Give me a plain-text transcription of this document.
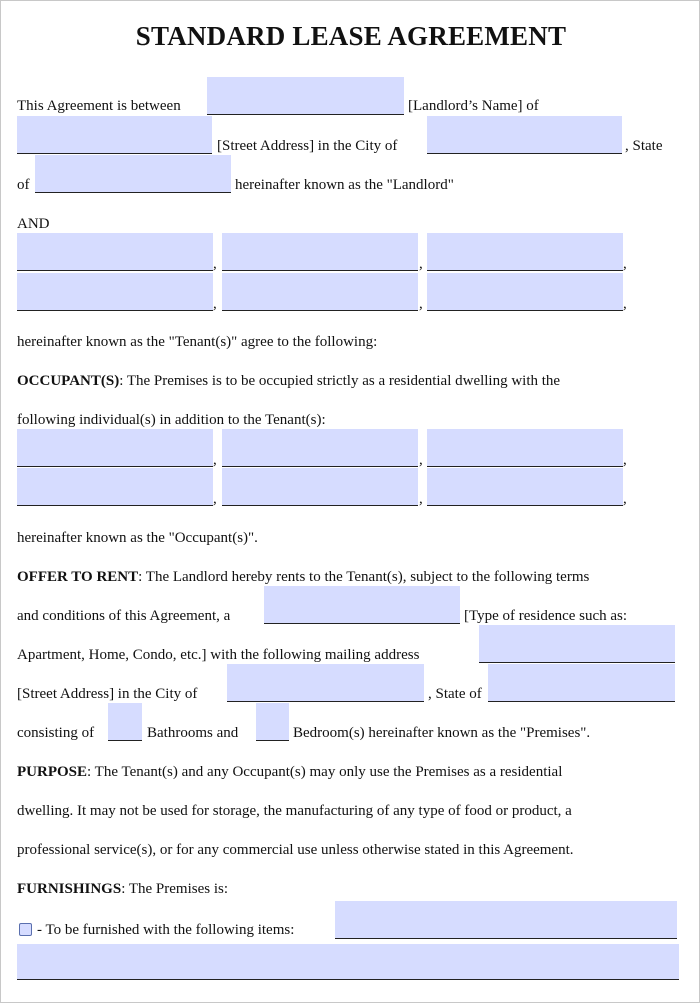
STANDARD LEASE AGREEMENT
This Agreement is between	[Landlord’s Name] of
[Street Address] in the City of	, State
of	hereinafter known as the "Landlord"
AND
,	,	,
,	,	,
hereinafter known as the "Tenant(s)" agree to the following:
OCCUPANT(S): The Premises is to be occupied strictly as a residential dwelling with the
following individual(s) in addition to the Tenant(s):
,	,	,
,	,	,
hereinafter known as the "Occupant(s)".
OFFER TO RENT: The Landlord hereby rents to the Tenant(s), subject to the following terms
and conditions of this Agreement, a	[Type of residence such as:
Apartment, Home, Condo, etc.] with the following mailing address
[Street Address] in the City of	, State of
consisting of	Bathrooms and	Bedroom(s) hereinafter known as the "Premises".
PURPOSE: The Tenant(s) and any Occupant(s) may only use the Premises as a residential
dwelling. It may not be used for storage, the manufacturing of any type of food or product, a
professional service(s), or for any commercial use unless otherwise stated in this Agreement.
FURNISHINGS: The Premises is:
- To be furnished with the following items:
